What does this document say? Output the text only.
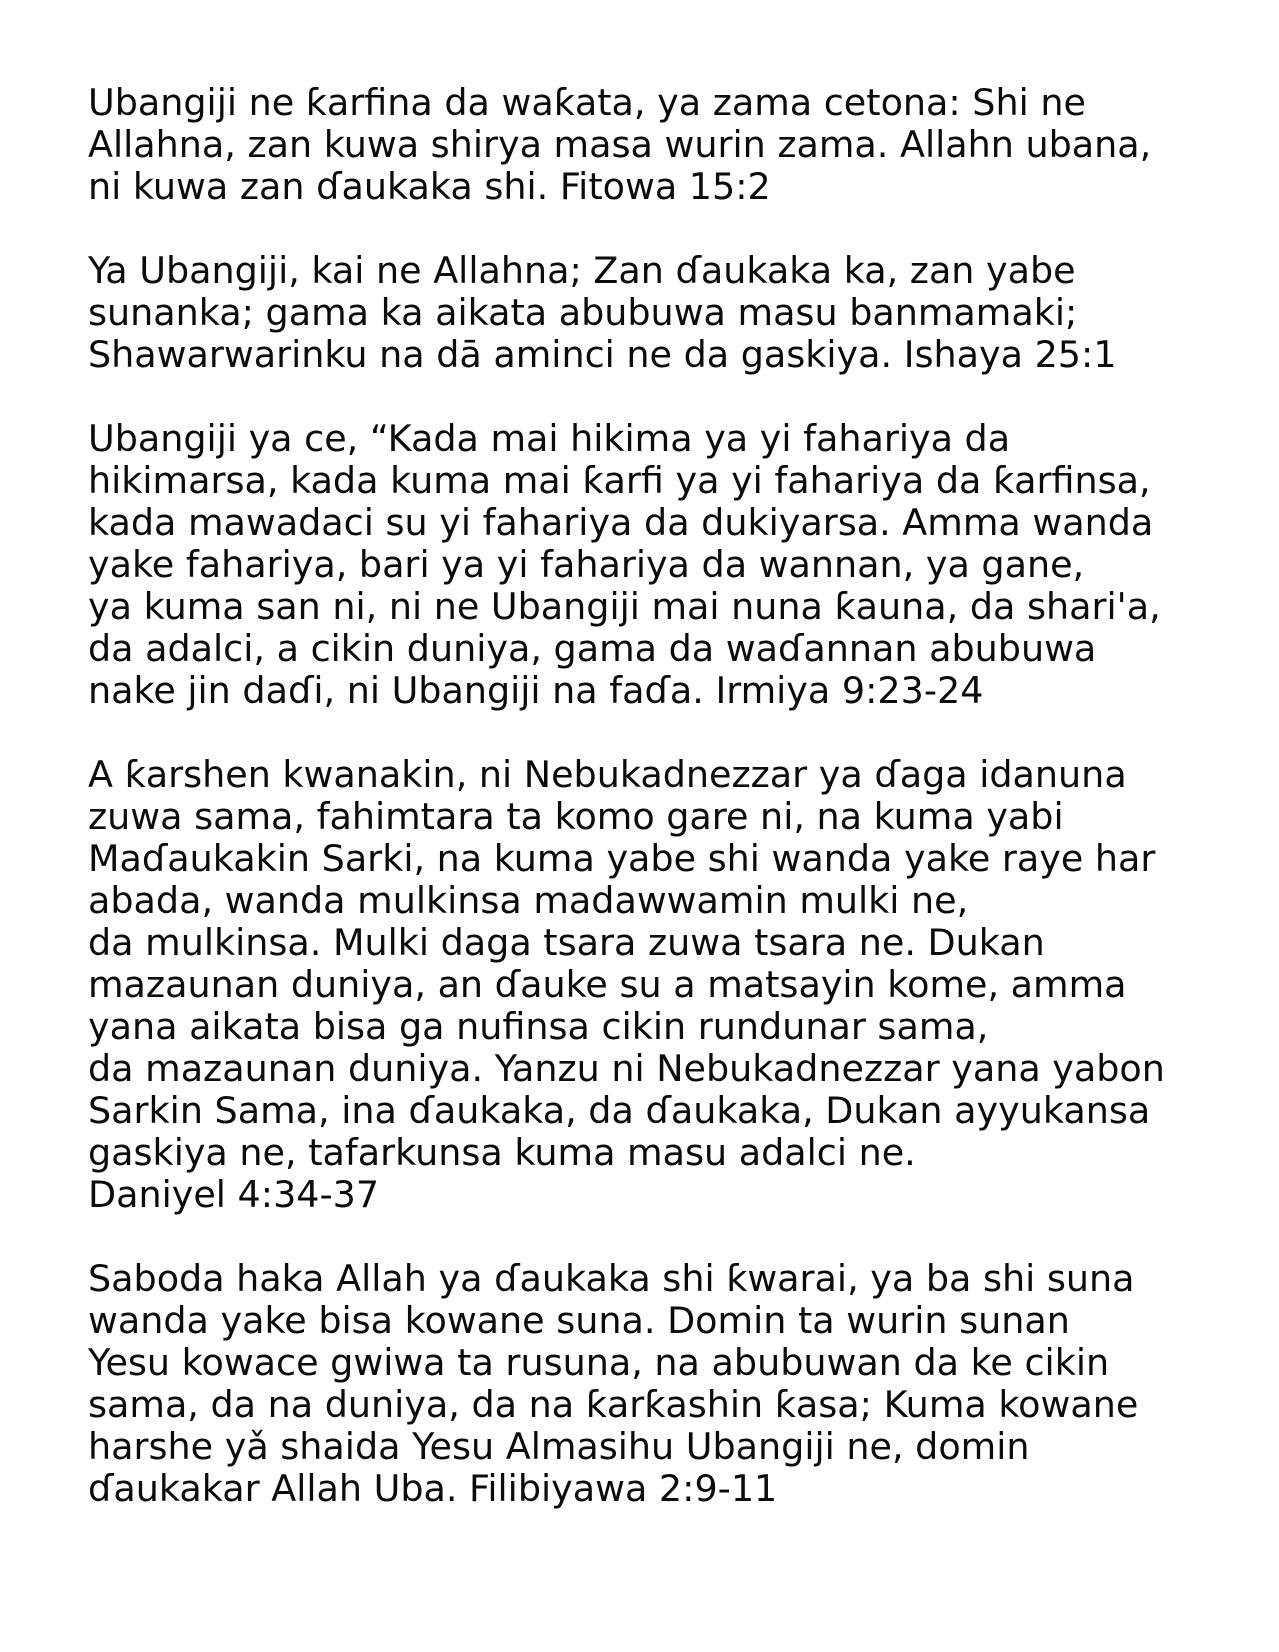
Ubangiji ne ƙarfina da waƙata, ya zama cetona: Shi ne
Allahna, zan kuwa shirya masa wurin zama. Allahn ubana,
ni kuwa zan ɗaukaka shi. Fitowa 15:2
Ya Ubangiji, kai ne Allahna; Zan ɗaukaka ka, zan yabe
sunanka; gama ka aikata abubuwa masu banmamaki;
Shawarwarinku na dā aminci ne da gaskiya. Ishaya 25:1
Ubangiji ya ce, “Kada mai hikima ya yi fahariya da
hikimarsa, kada kuma mai ƙarfi ya yi fahariya da ƙarfinsa,
kada mawadaci su yi fahariya da dukiyarsa. Amma wanda
yake fahariya, bari ya yi fahariya da wannan, ya gane,
ya kuma san ni, ni ne Ubangiji mai nuna ƙauna, da shari'a,
da adalci, a cikin duniya, gama da waɗannan abubuwa
nake jin daɗi, ni Ubangiji na faɗa. Irmiya 9:23-24
A ƙarshen kwanakin, ni Nebukadnezzar ya ɗaga idanuna
zuwa sama, fahimtara ta komo gare ni, na kuma yabi
Maɗaukakin Sarki, na kuma yabe shi wanda yake raye har
abada, wanda mulkinsa madawwamin mulki ne,
da mulkinsa. Mulki daga tsara zuwa tsara ne. Dukan
mazaunan duniya, an ɗauke su a matsayin kome, amma
yana aikata bisa ga nufinsa cikin rundunar sama,
da mazaunan duniya. Yanzu ni Nebukadnezzar yana yabon
Sarkin Sama, ina ɗaukaka, da ɗaukaka, Dukan ayyukansa
gaskiya ne, tafarkunsa kuma masu adalci ne.
Daniyel 4:34-37
Saboda haka Allah ya ɗaukaka shi ƙwarai, ya ba shi suna
wanda yake bisa kowane suna. Domin ta wurin sunan
Yesu kowace gwiwa ta rusuna, na abubuwan da ke cikin
sama, da na duniya, da na ƙarƙashin ƙasa; Kuma kowane
harshe yǎ shaida Yesu Almasihu Ubangiji ne, domin
ɗaukakar Allah Uba. Filibiyawa 2:9-11
